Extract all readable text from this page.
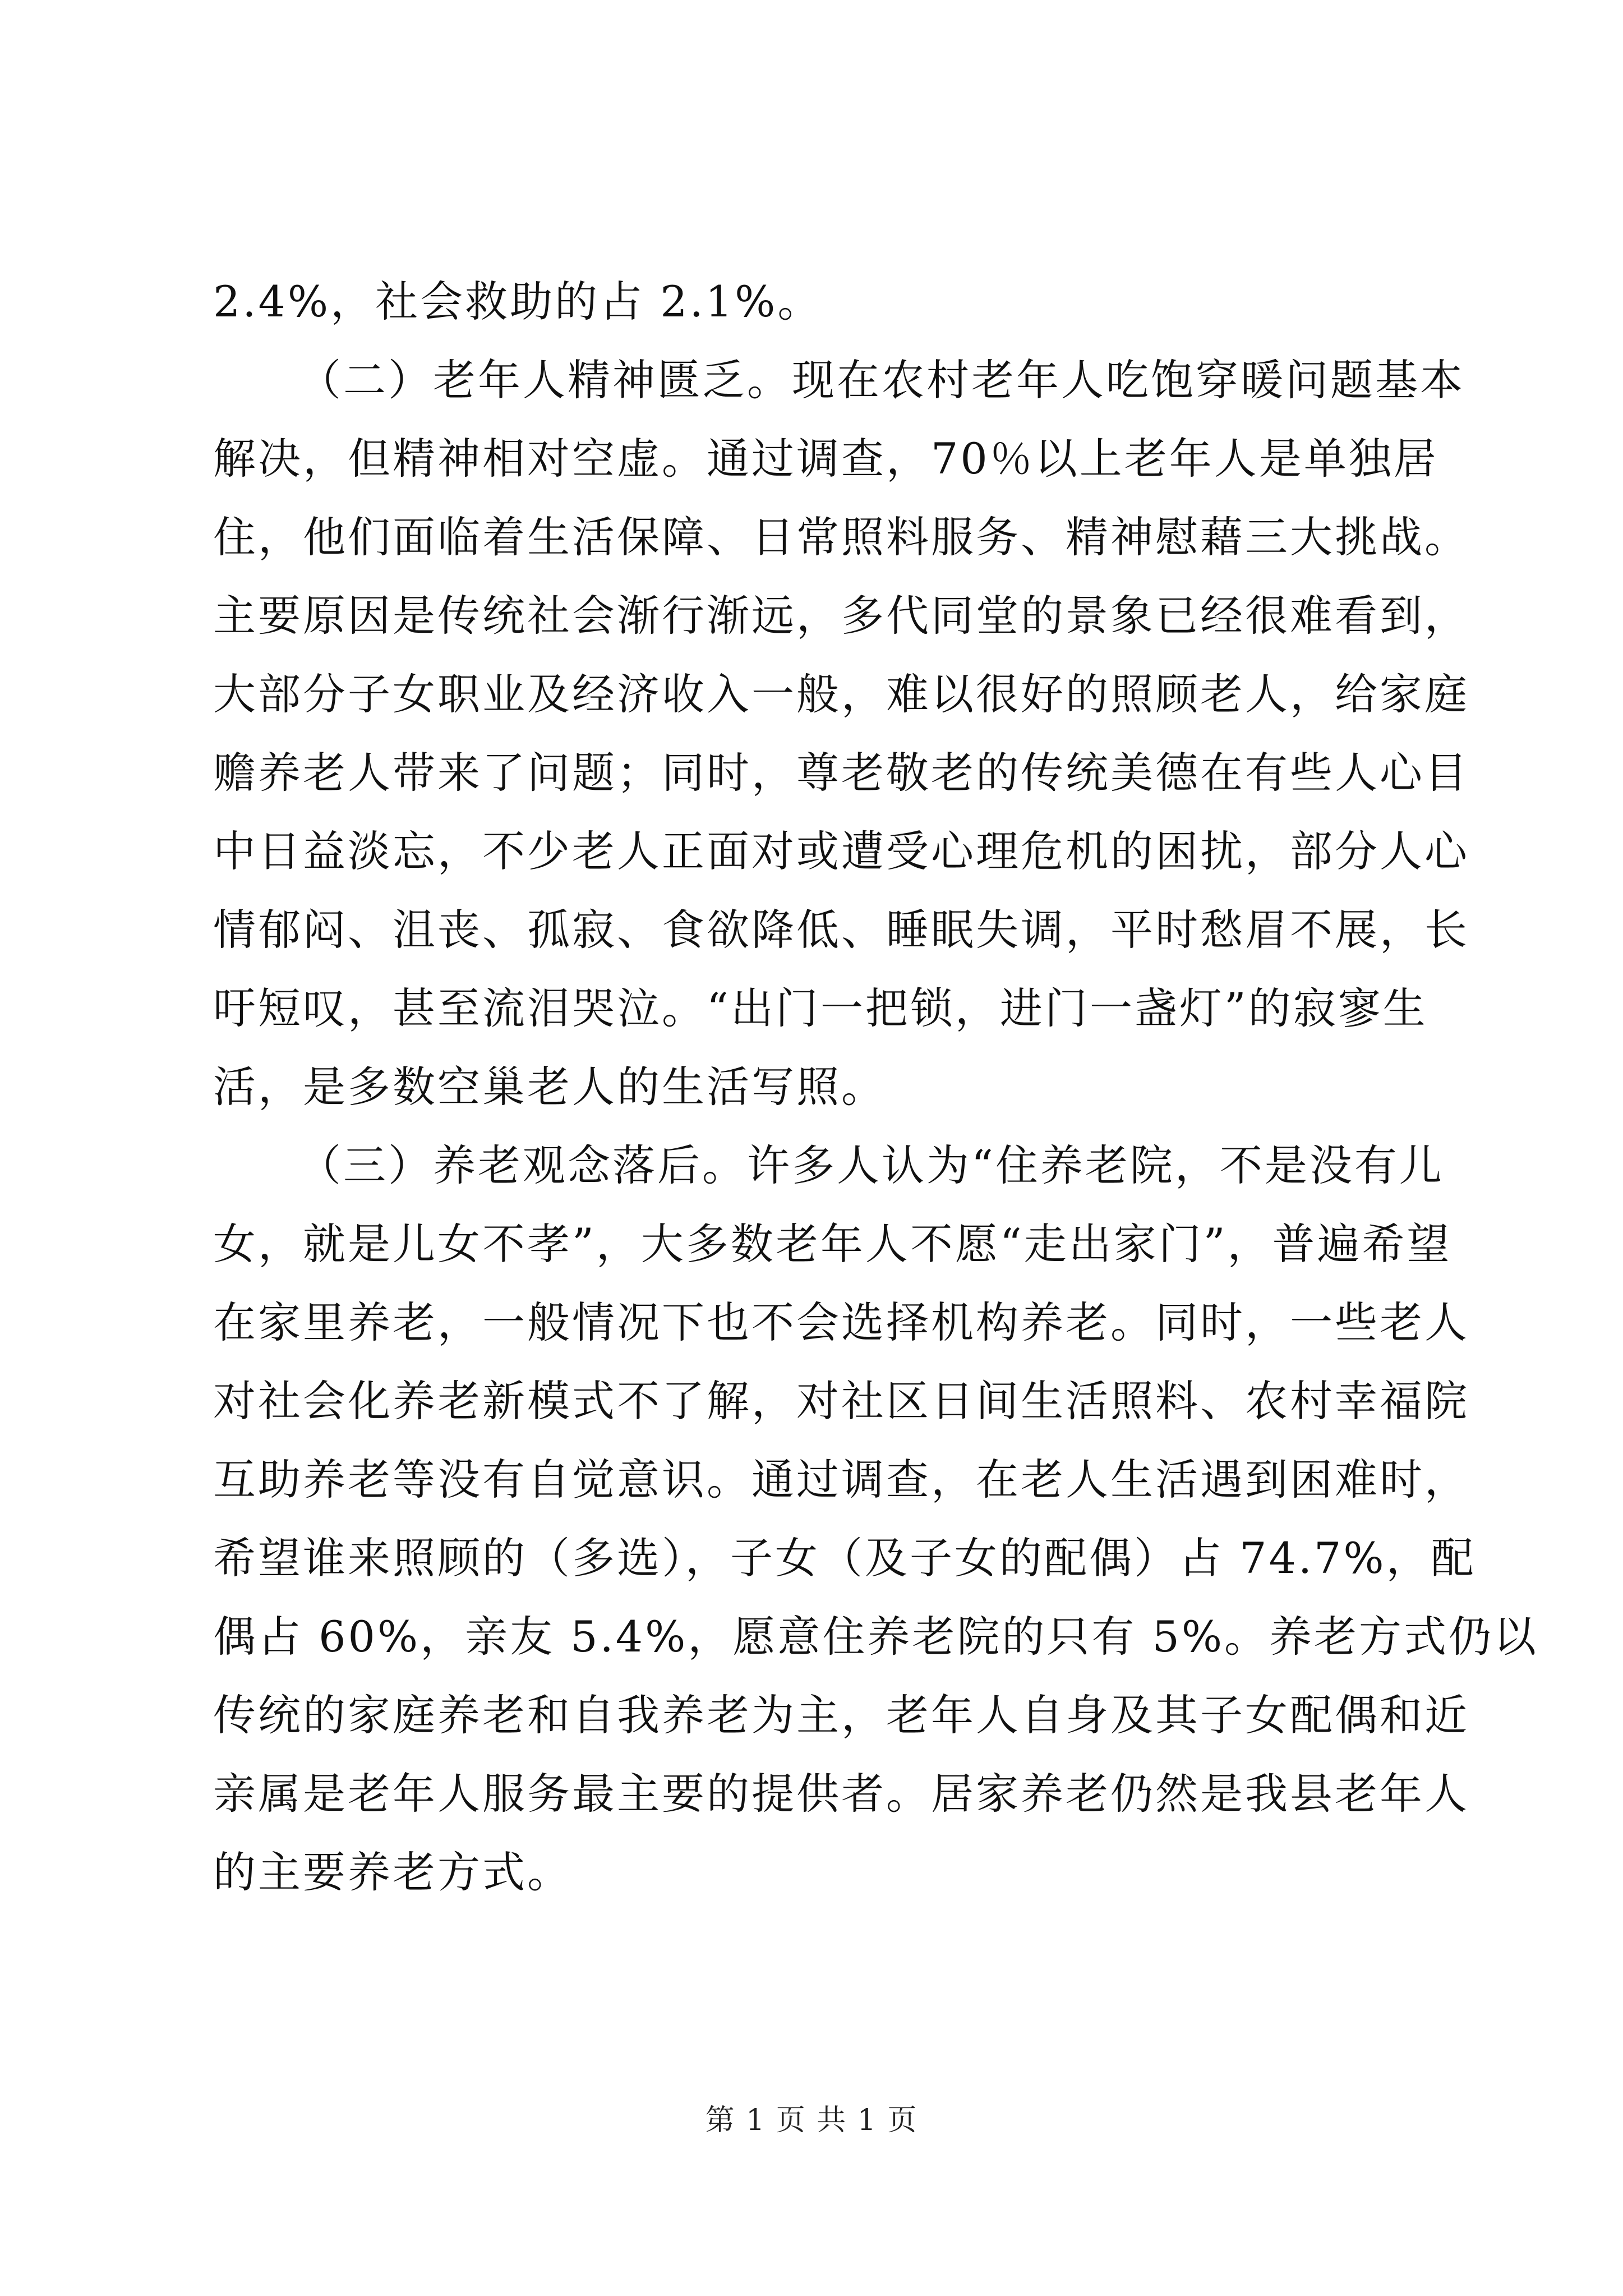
2.4%，社会救助的占 2.1%。
（二）老年人精神匮乏。现在农村老年人吃饱穿暖问题基本
解决，但精神相对空虚。通过调查，70％以上老年人是单独居
住，他们面临着生活保障、日常照料服务、精神慰藉三大挑战。
主要原因是传统社会渐行渐远，多代同堂的景象已经很难看到，
大部分子女职业及经济收入一般，难以很好的照顾老人，给家庭
赡养老人带来了问题；同时，尊老敬老的传统美德在有些人心目
中日益淡忘，不少老人正面对或遭受心理危机的困扰，部分人心
情郁闷、沮丧、孤寂、食欲降低、睡眠失调，平时愁眉不展，长
吁短叹，甚至流泪哭泣。“出门一把锁，进门一盏灯”的寂寥生
活，是多数空巢老人的生活写照。
（三）养老观念落后。许多人认为“住养老院，不是没有儿
女，就是儿女不孝”，大多数老年人不愿“走出家门”，普遍希望
在家里养老，一般情况下也不会选择机构养老。同时，一些老人
对社会化养老新模式不了解，对社区日间生活照料、农村幸福院
互助养老等没有自觉意识。通过调查，在老人生活遇到困难时，
希望谁来照顾的（多选），子女（及子女的配偶）占 74.7%，配
偶占 60%，亲友 5.4%，愿意住养老院的只有 5%。养老方式仍以
传统的家庭养老和自我养老为主，老年人自身及其子女配偶和近
亲属是老年人服务最主要的提供者。居家养老仍然是我县老年人
的主要养老方式。
第 1 页 共 1 页
